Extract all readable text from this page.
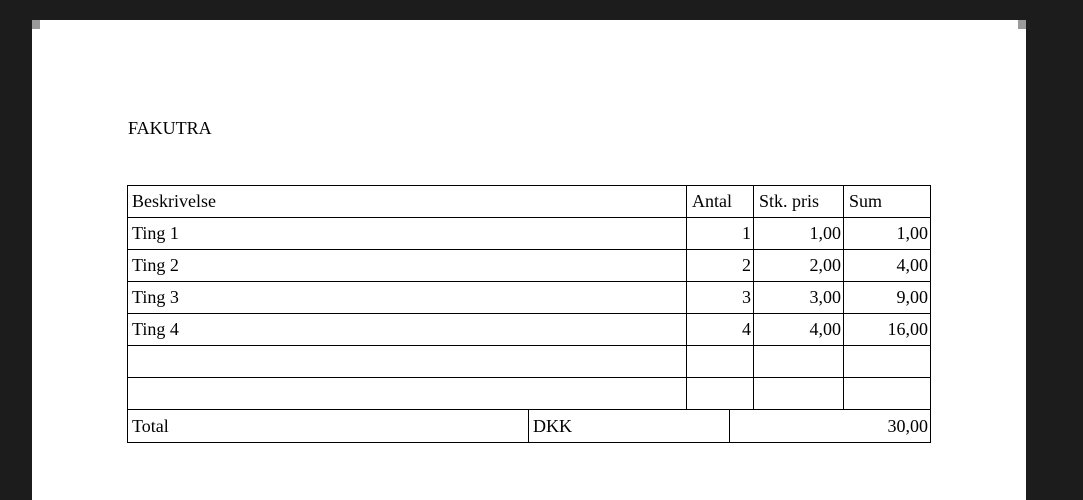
FAKUTRA
Beskrivelse	Antal	Stk. pris	Sum
Ting 1	1	1,00	1,00
Ting 2	2	2,00	4,00
Ting 3	3	3,00	9,00
Ting 4	4	4,00	16,00

Total	DKK	30,00
